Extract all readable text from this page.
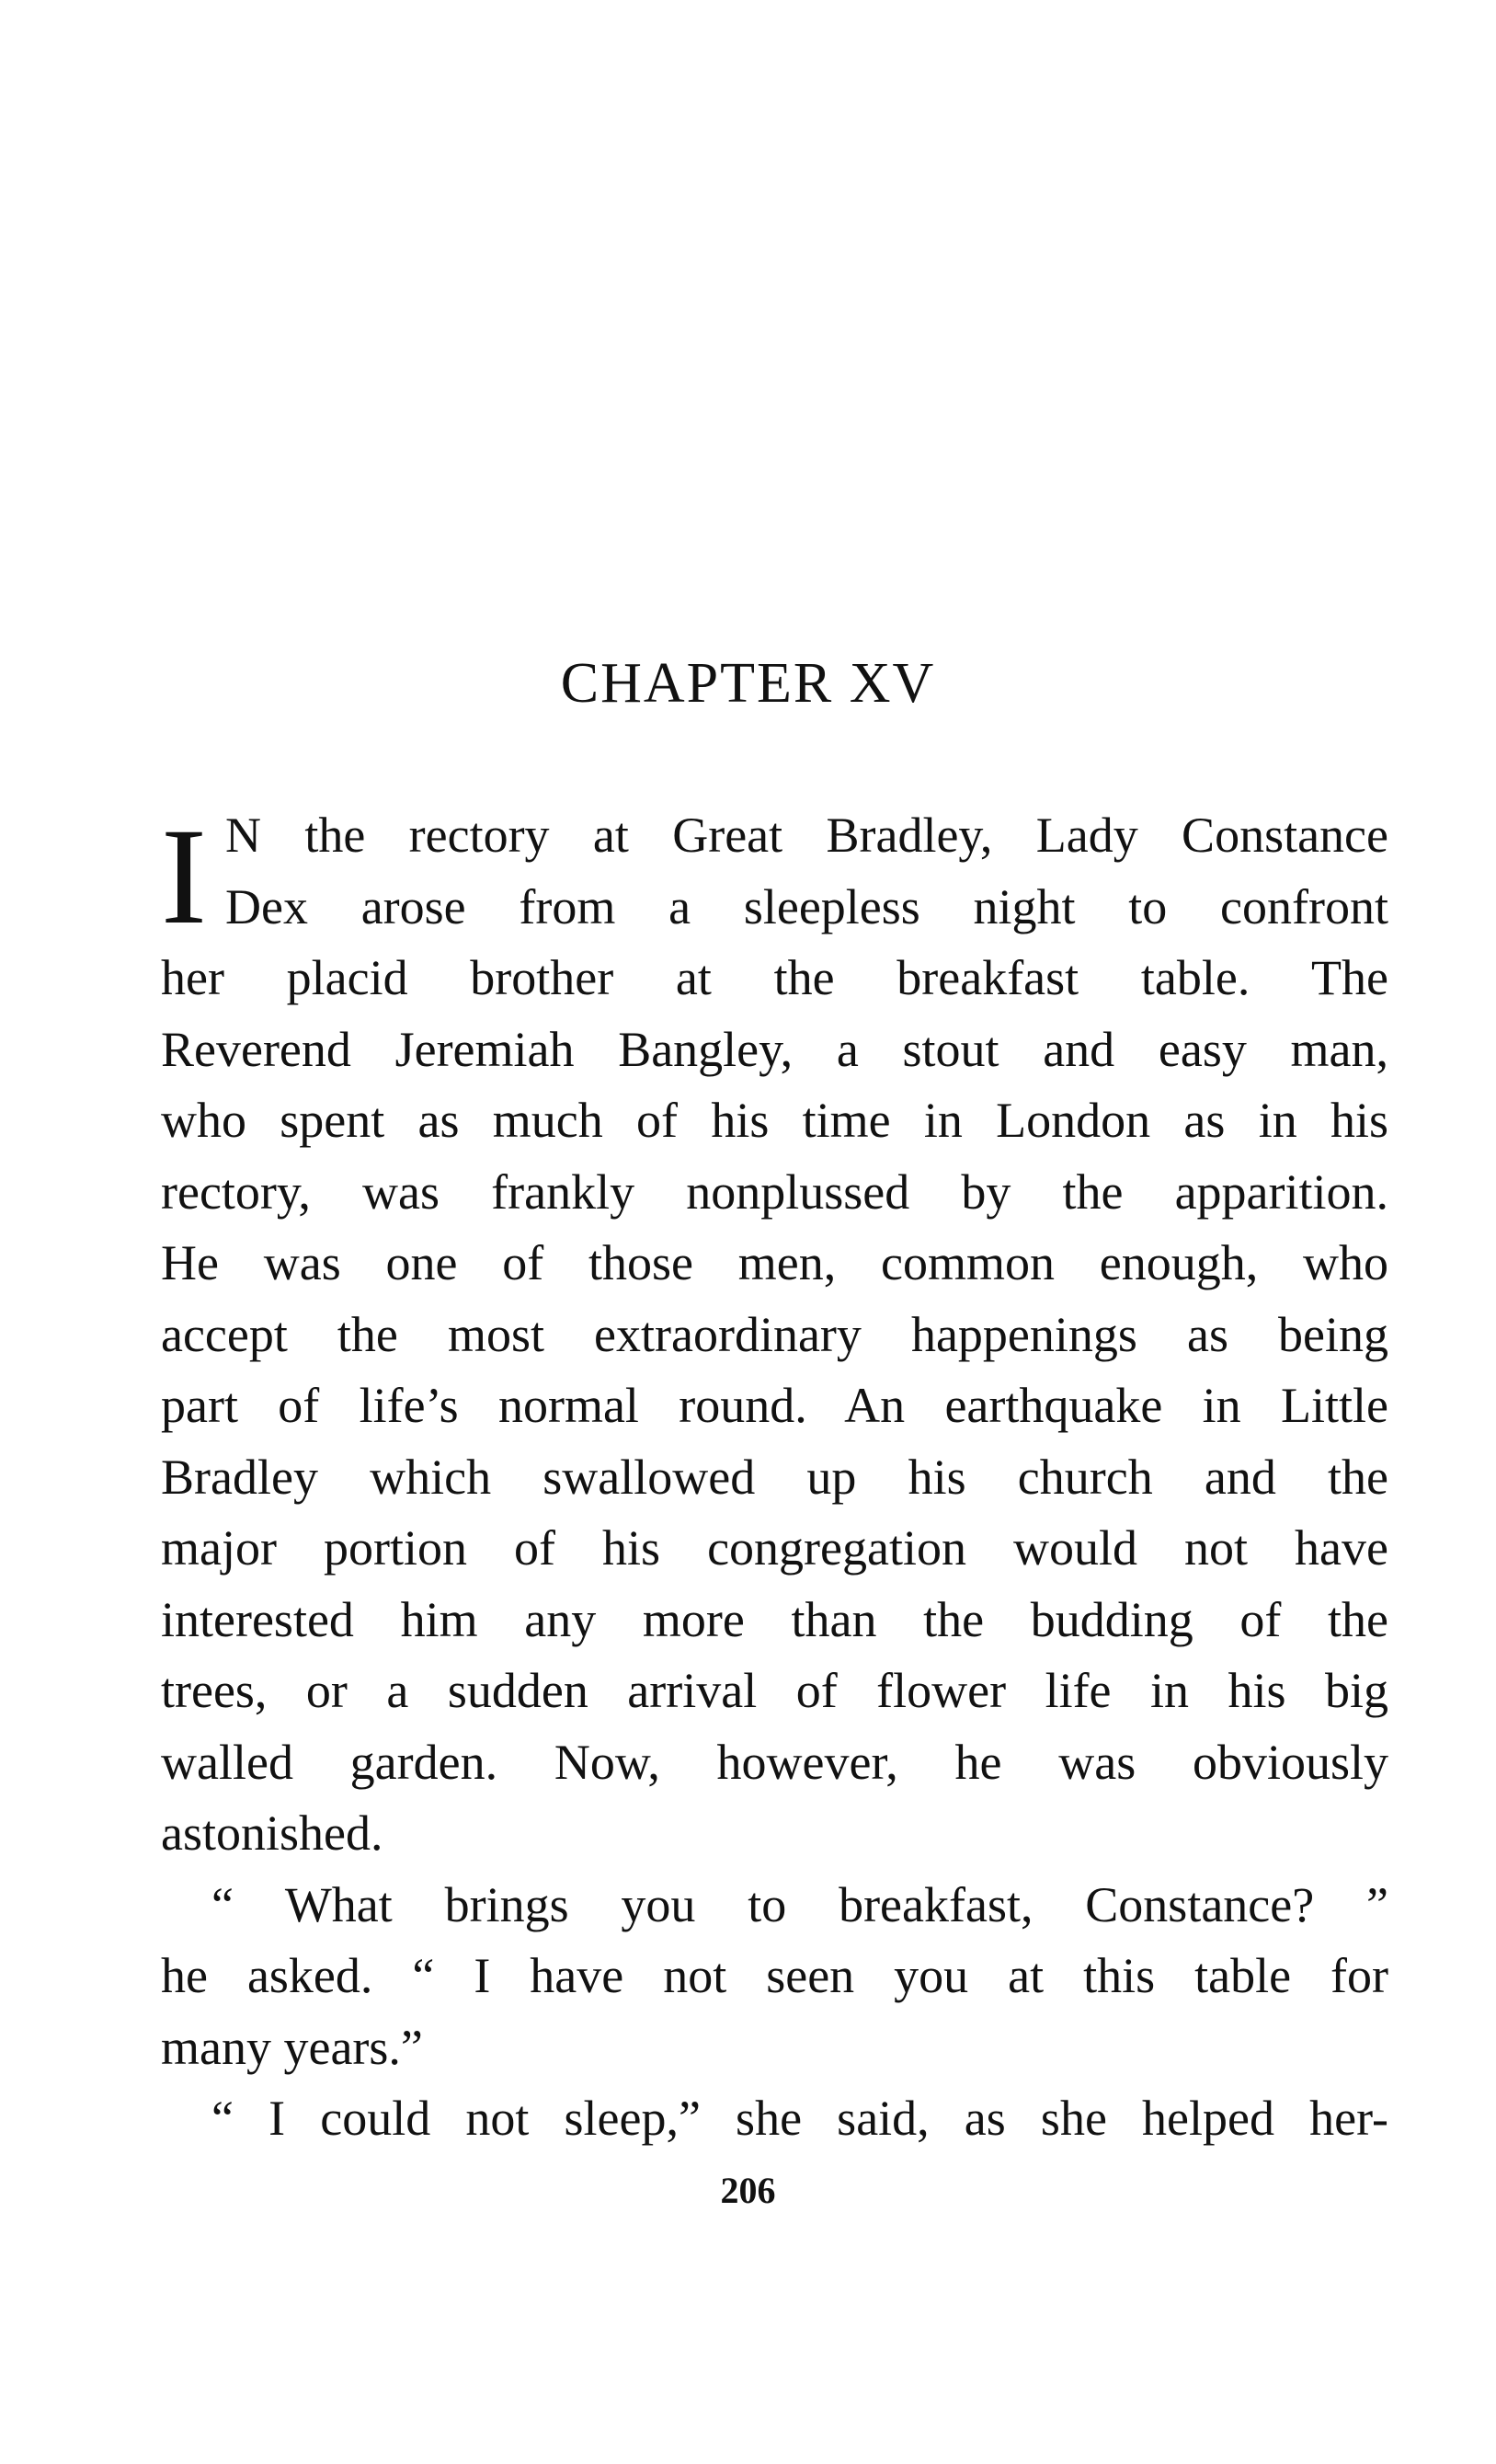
CHAPTER XV
I N the rectory at Great Bradley, Lady Constance
Dex arose from a sleepless night to confront
her placid brother at the breakfast table. The
Reverend Jeremiah Bangley, a stout and easy man,
who spent as much of his time in London as in his
rectory, was frankly nonplussed by the apparition.
He was one of those men, common enough, who
accept the most extraordinary happenings as being
part of life’s normal round. An earthquake in Little
Bradley which swallowed up his church and the
major portion of his congregation would not have
interested him any more than the budding of the
trees, or a sudden arrival of flower life in his big
walled garden. Now, however, he was obviously
astonished.
“ What brings you to breakfast, Constance? ”
he asked. “ I have not seen you at this table for
many years.”
“ I could not sleep,” she said, as she helped her-
206
